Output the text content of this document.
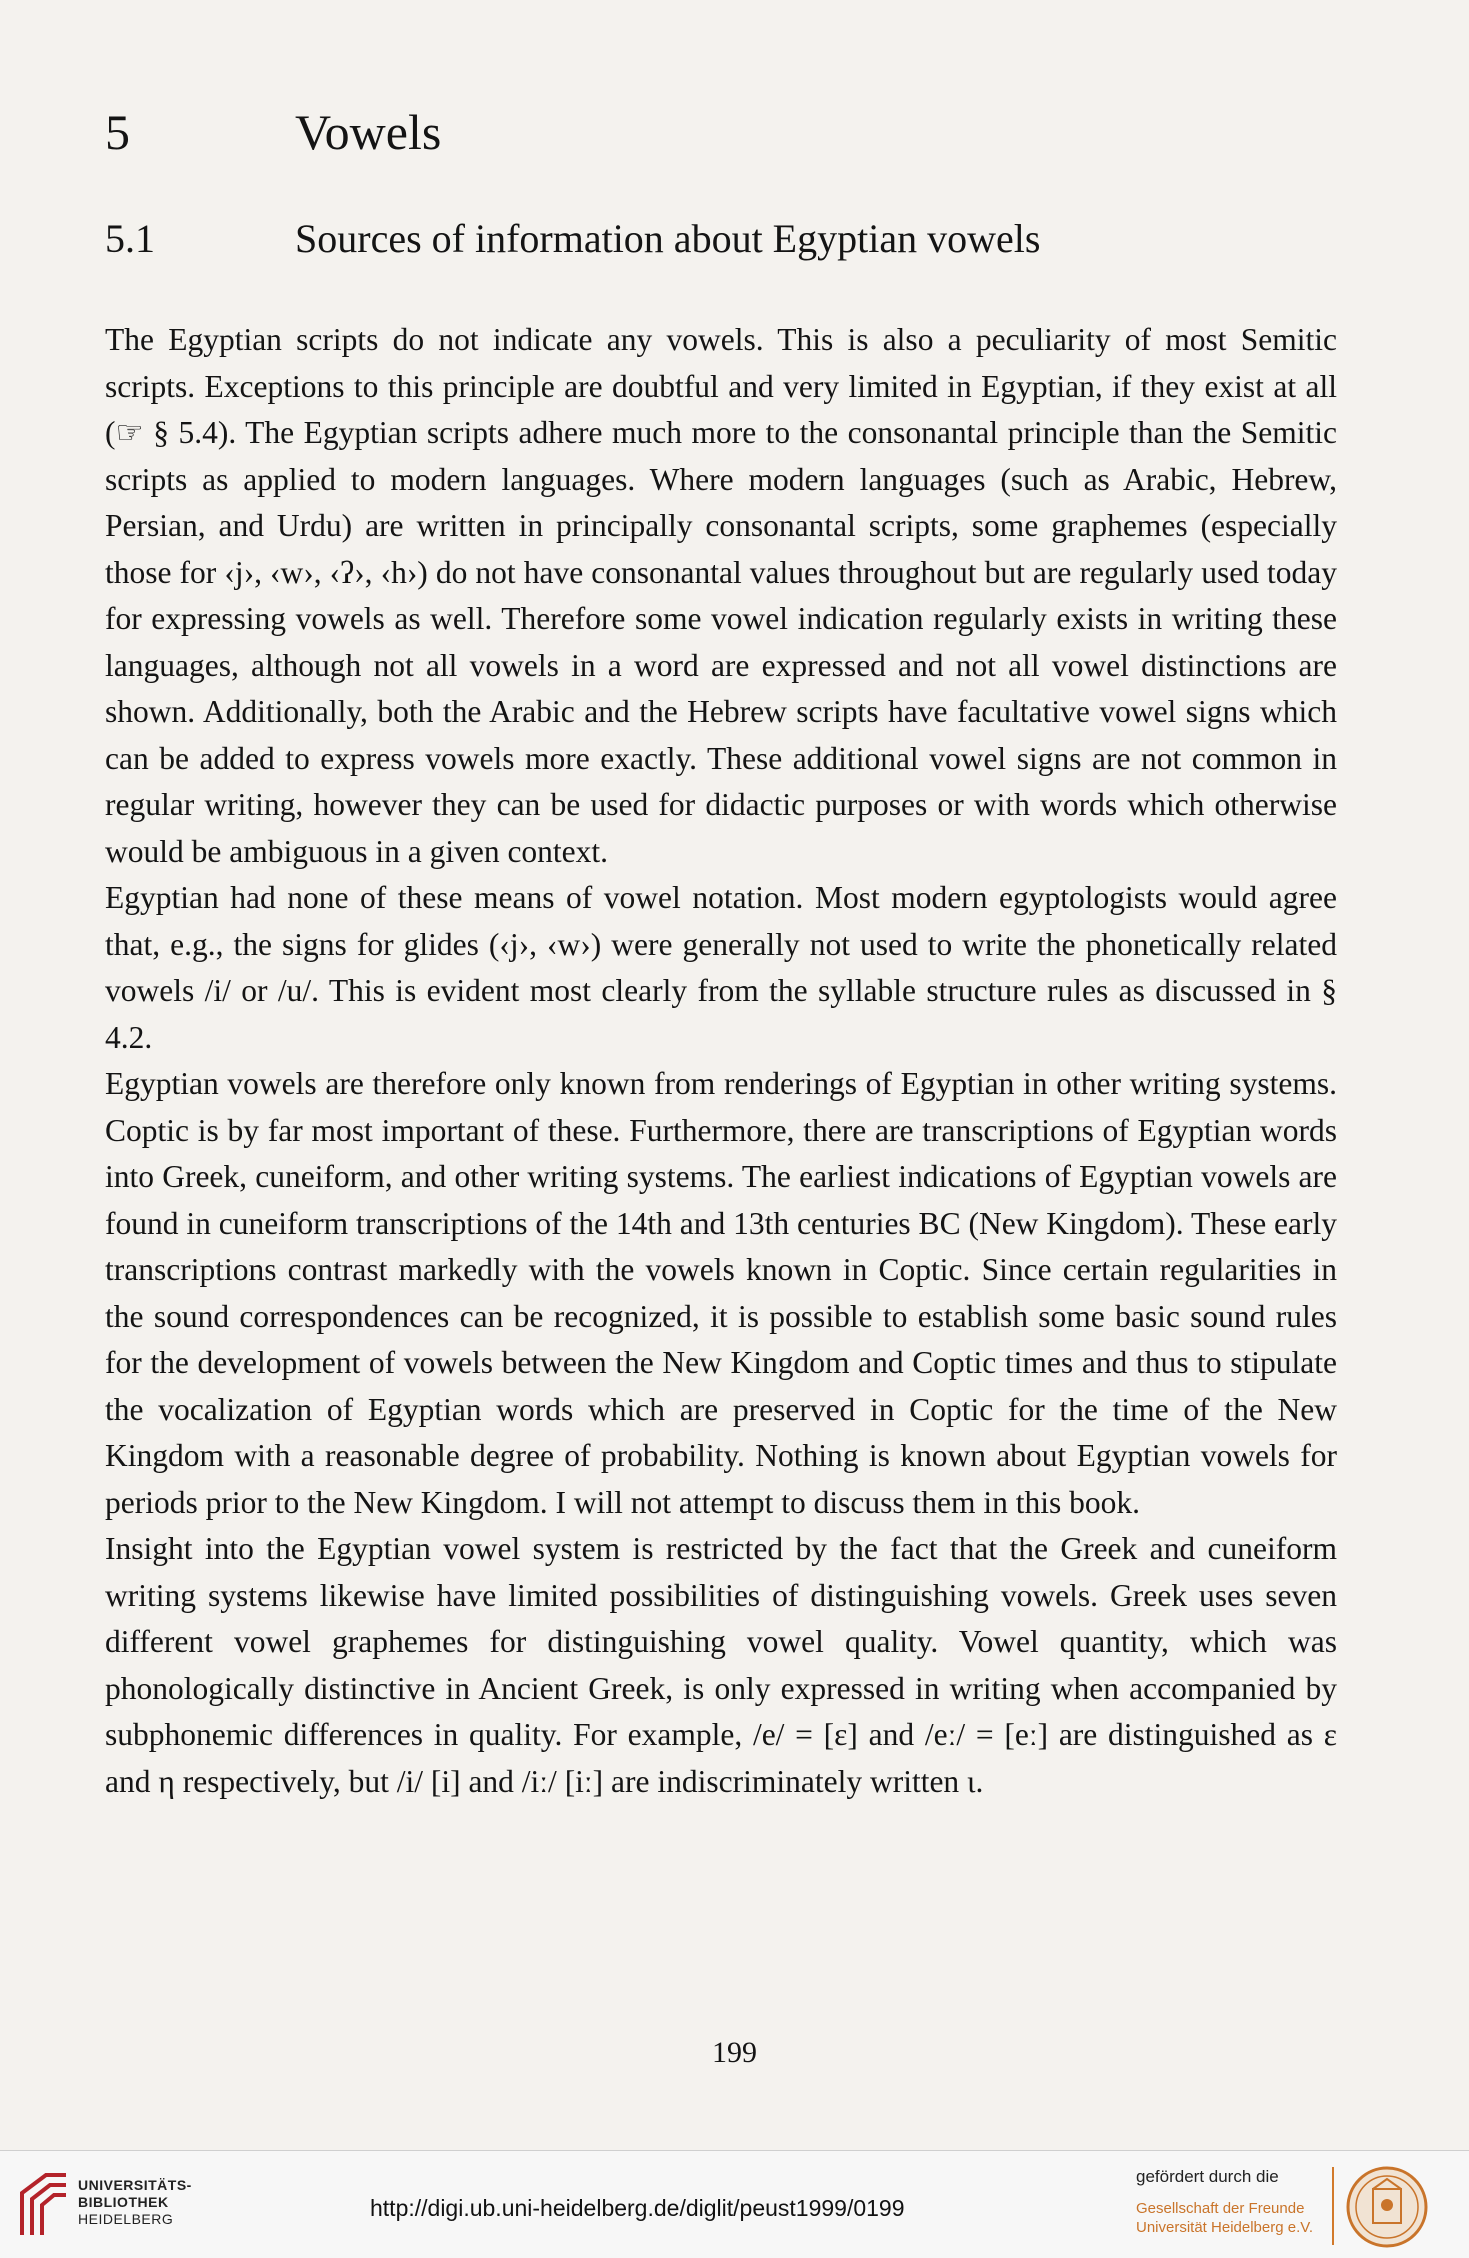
5	Vowels
5.1	Sources of information about Egyptian vowels

The Egyptian scripts do not indicate any vowels. This is also a peculiarity of most Semitic scripts. Exceptions to this principle are doubtful and very limited in Egyptian, if they exist at all (☞ § 5.4). The Egyptian scripts adhere much more to the consonantal principle than the Semitic scripts as applied to modern languages. Where modern languages (such as Arabic, Hebrew, Persian, and Urdu) are written in principally consonantal scripts, some graphemes (especially those for ‹j›, ‹w›, ‹ʔ›, ‹h›) do not have consonantal values throughout but are regularly used today for expressing vowels as well. Therefore some vowel indication regularly exists in writing these languages, although not all vowels in a word are expressed and not all vowel distinctions are shown. Additionally, both the Arabic and the Hebrew scripts have facultative vowel signs which can be added to express vowels more exactly. These additional vowel signs are not common in regular writing, however they can be used for didactic purposes or with words which otherwise would be ambiguous in a given context.

Egyptian had none of these means of vowel notation. Most modern egyptologists would agree that, e.g., the signs for glides (‹j›, ‹w›) were generally not used to write the phonetically related vowels /i/ or /u/. This is evident most clearly from the syllable structure rules as discussed in § 4.2.

Egyptian vowels are therefore only known from renderings of Egyptian in other writing systems. Coptic is by far most important of these. Furthermore, there are transcriptions of Egyptian words into Greek, cuneiform, and other writing systems. The earliest indications of Egyptian vowels are found in cuneiform transcriptions of the 14th and 13th centuries BC (New Kingdom). These early transcriptions contrast markedly with the vowels known in Coptic. Since certain regularities in the sound correspondences can be recognized, it is possible to establish some basic sound rules for the development of vowels between the New Kingdom and Coptic times and thus to stipulate the vocalization of Egyptian words which are preserved in Coptic for the time of the New Kingdom with a reasonable degree of probability. Nothing is known about Egyptian vowels for periods prior to the New Kingdom. I will not attempt to discuss them in this book.

Insight into the Egyptian vowel system is restricted by the fact that the Greek and cuneiform writing systems likewise have limited possibilities of distinguishing vowels. Greek uses seven different vowel graphemes for distinguishing vowel quality. Vowel quantity, which was phonologically distinctive in Ancient Greek, is only expressed in writing when accompanied by subphonemic differences in quality. For example, /e/ = [ɛ] and /eː/ = [eː] are distinguished as ε and η respectively, but /i/ [i] and /iː/ [iː] are indiscriminately written ι.

199
UNIVERSITÄTS-
BIBLIOTHEK
HEIDELBERG	http://digi.ub.uni-heidelberg.de/diglit/peust1999/0199
gefördert durch die
Gesellschaft der Freunde
Universität Heidelberg e.V.
